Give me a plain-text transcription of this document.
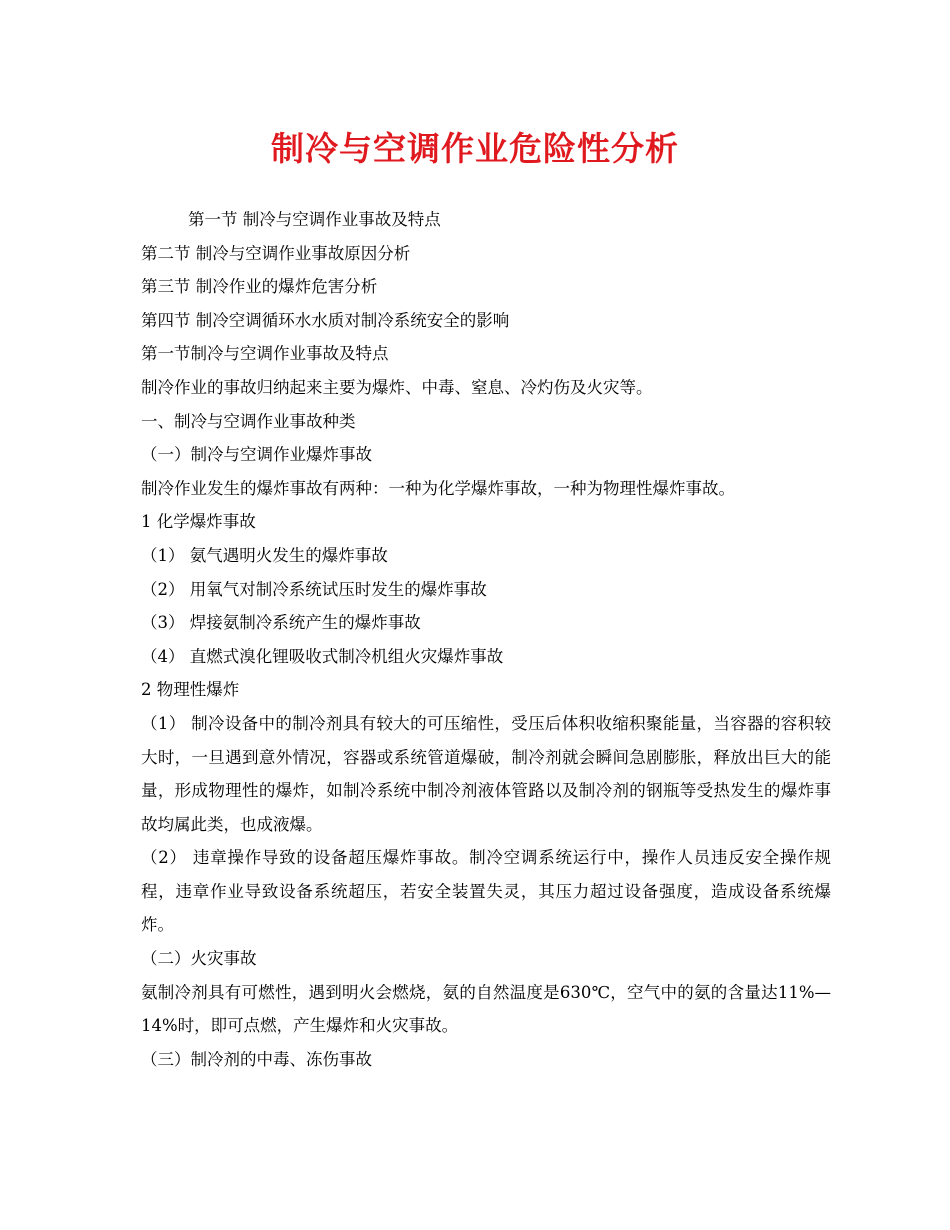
制冷与空调作业危险性分析

第一节 制冷与空调作业事故及特点

第二节 制冷与空调作业事故原因分析

第三节 制冷作业的爆炸危害分析

第四节 制冷空调循环水水质对制冷系统安全的影响

第一节制冷与空调作业事故及特点

制冷作业的事故归纳起来主要为爆炸、中毒、窒息、冷灼伤及火灾等。

一、制冷与空调作业事故种类

（一）制冷与空调作业爆炸事故

制冷作业发生的爆炸事故有两种：一种为化学爆炸事故，一种为物理性爆炸事故。

1 化学爆炸事故

（1） 氨气遇明火发生的爆炸事故

（2） 用氧气对制冷系统试压时发生的爆炸事故

（3） 焊接氨制冷系统产生的爆炸事故

（4） 直燃式溴化锂吸收式制冷机组火灾爆炸事故

2 物理性爆炸

（1） 制冷设备中的制冷剂具有较大的可压缩性，受压后体积收缩积聚能量，当容器的容积较大时，一旦遇到意外情况，容器或系统管道爆破，制冷剂就会瞬间急剧膨胀，释放出巨大的能量，形成物理性的爆炸，如制冷系统中制冷剂液体管路以及制冷剂的钢瓶等受热发生的爆炸事故均属此类，也成液爆。

（2） 违章操作导致的设备超压爆炸事故。制冷空调系统运行中，操作人员违反安全操作规程，违章作业导致设备系统超压，若安全装置失灵，其压力超过设备强度，造成设备系统爆炸。

（二）火灾事故

氨制冷剂具有可燃性，遇到明火会燃烧，氨的自然温度是630℃，空气中的氨的含量达11%—14%时，即可点燃，产生爆炸和火灾事故。

（三）制冷剂的中毒、冻伤事故
